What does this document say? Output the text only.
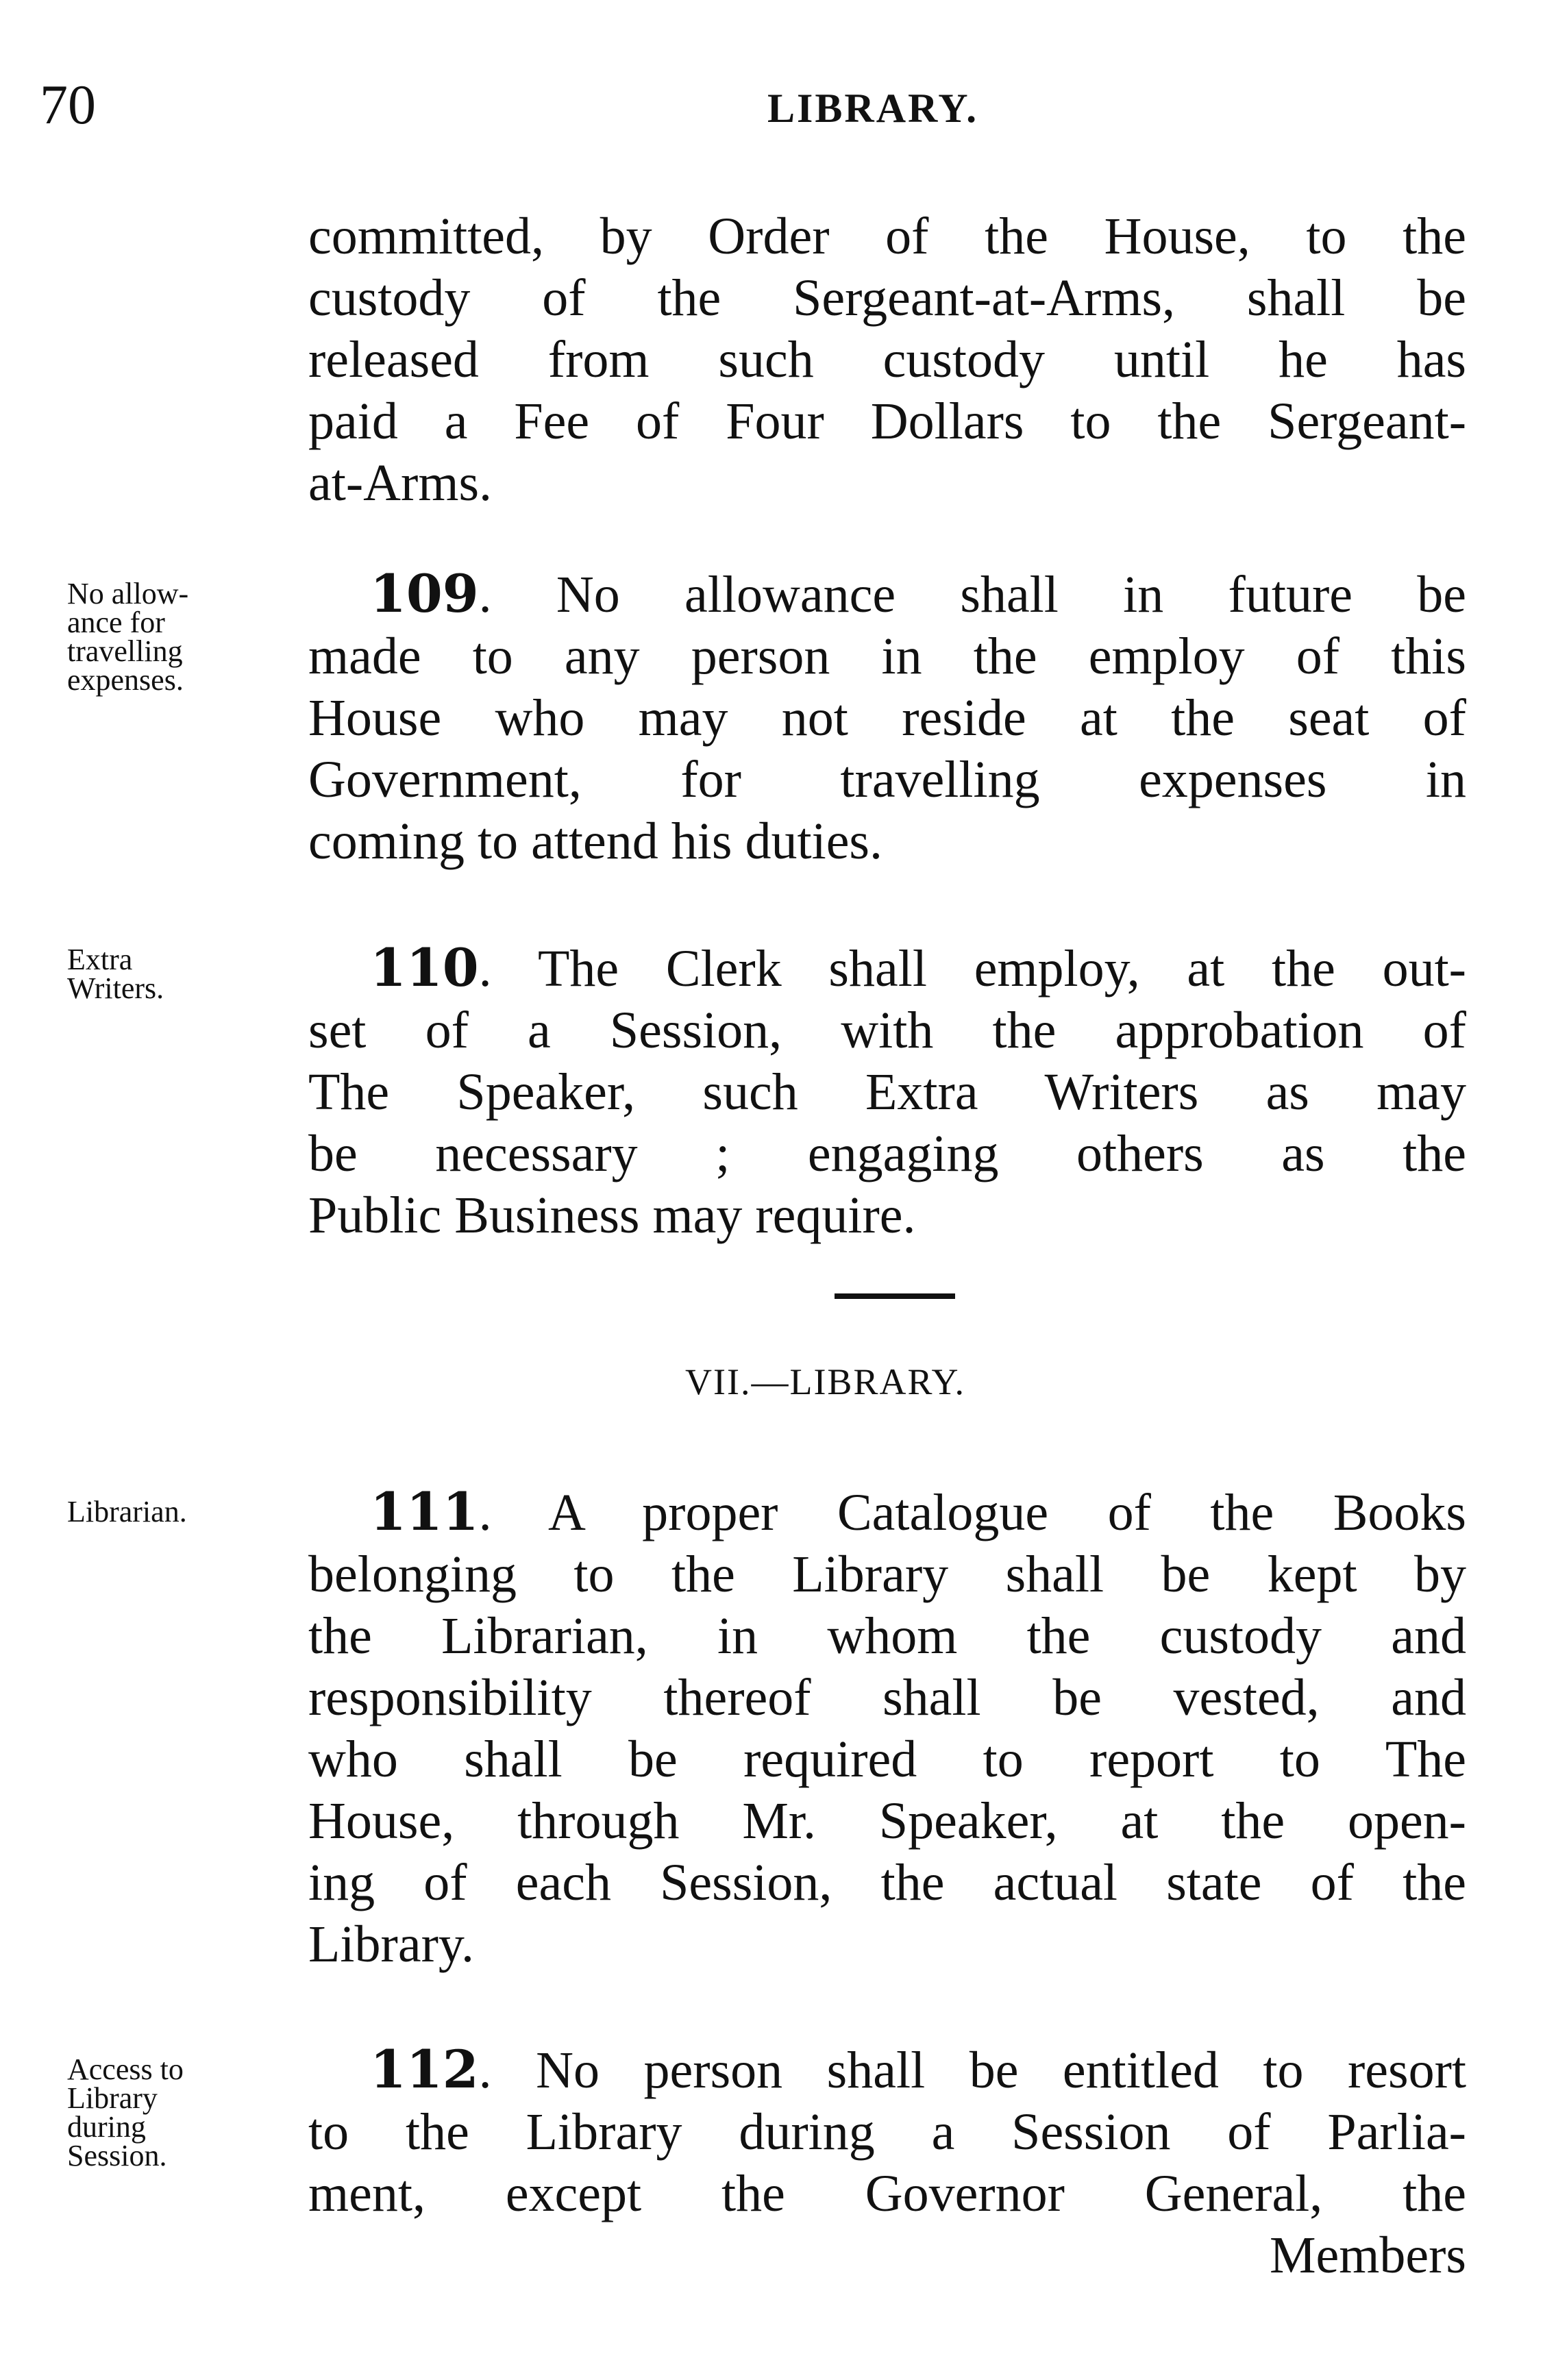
70	LIBRARY.
committed, by Order of the House, to the
custody of the Sergeant-at-Arms, shall be
released from such custody until he has
paid a Fee of Four Dollars to the Sergeant-
at-Arms.
No allow-
ance for
travelling
expenses.
109. No allowance shall in future be
made to any person in the employ of this
House who may not reside at the seat of
Government, for travelling expenses in
coming to attend his duties.
Extra
Writers.	110. The Clerk shall employ, at the out-
set of a Session, with the approbation of
The Speaker, such Extra Writers as may
be necessary ; engaging others as the
Public Business may require.
VII.—LIBRARY.
Librarian.	111. A proper Catalogue of the Books
belonging to the Library shall be kept by
the Librarian, in whom the custody and
responsibility thereof shall be vested, and
who shall be required to report to The
House, through Mr. Speaker, at the open-
ing of each Session, the actual state of the
Library.
Access to
Library
during
Session.
112. No person shall be entitled to resort
to the Library during a Session of Parlia-
ment, except the Governor General, the
Members
